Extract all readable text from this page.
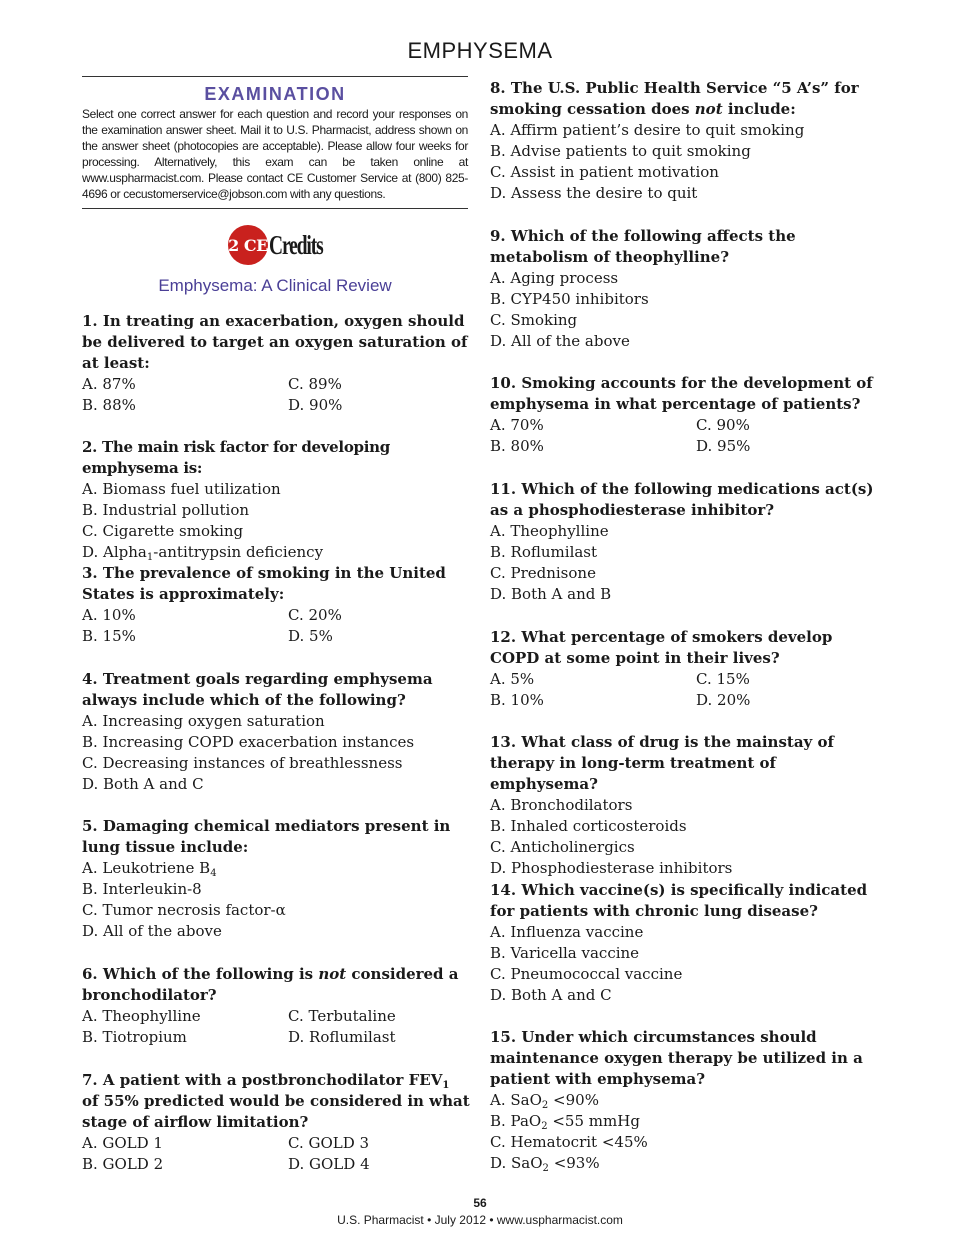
EMPHYSEMA
EXAMINATION
Select one correct answer for each question and record your responses on the examination answer sheet. Mail it to U.S. Pharmacist, address shown on the answer sheet (photocopies are acceptable). Please allow four weeks for processing. Alternatively, this exam can be taken online at www.uspharmacist.com. Please contact CE Customer Service at (800) 825-4696 or cecustomerservice@jobson.com with any questions.
2 CE Credits
Emphysema: A Clinical Review
1. In treating an exacerbation, oxygen should be delivered to target an oxygen saturation of at least:
A. 87%	C. 89%
B. 88%	D. 90%
2. The main risk factor for developing emphysema is:
A. Biomass fuel utilization
B. Industrial pollution
C. Cigarette smoking
D. Alpha$_1$-antitrypsin deficiency
3. The prevalence of smoking in the United States is approximately:
A. 10%	C. 20%
B. 15%	D. 5%
4. Treatment goals regarding emphysema always include which of the following?
A. Increasing oxygen saturation
B. Increasing COPD exacerbation instances
C. Decreasing instances of breathlessness
D. Both A and C
5. Damaging chemical mediators present in lung tissue include:
A. Leukotriene $B_4$
B. Interleukin-8
C. Tumor necrosis factor-α
D. All of the above
6. Which of the following is not considered a bronchodilator?
A. Theophylline	C. Terbutaline
B. Tiotropium	D. Roflumilast
7. A patient with a postbronchodilator $FEV_1$ of 55% predicted would be considered in what stage of airflow limitation?
A. GOLD 1	C. GOLD 3
B. GOLD 2	D. GOLD 4
8. The U.S. Public Health Service “5 A’s” for smoking cessation does not include:
A. Affirm patient’s desire to quit smoking
B. Advise patients to quit smoking
C. Assist in patient motivation
D. Assess the desire to quit
9. Which of the following affects the metabolism of theophylline?
A. Aging process
B. CYP450 inhibitors
C. Smoking
D. All of the above
10. Smoking accounts for the development of emphysema in what percentage of patients?
A. 70%	C. 90%
B. 80%	D. 95%
11. Which of the following medications act(s) as a phosphodiesterase inhibitor?
A. Theophylline
B. Roflumilast
C. Prednisone
D. Both A and B
12. What percentage of smokers develop COPD at some point in their lives?
A. 5%	C. 15%
B. 10%	D. 20%
13. What class of drug is the mainstay of therapy in long-term treatment of emphysema?
A. Bronchodilators
B. Inhaled corticosteroids
C. Anticholinergics
D. Phosphodiesterase inhibitors
14. Which vaccine(s) is specifically indicated for patients with chronic lung disease?
A. Influenza vaccine
B. Varicella vaccine
C. Pneumococcal vaccine
D. Both A and C
15. Under which circumstances should maintenance oxygen therapy be utilized in a patient with emphysema?
A. SaO$_2$ <90%
B. PaO$_2$ <55 mmHg
C. Hematocrit <45%
D. SaO$_2$ <93%
56
U.S. Pharmacist • July 2012 • www.uspharmacist.com
